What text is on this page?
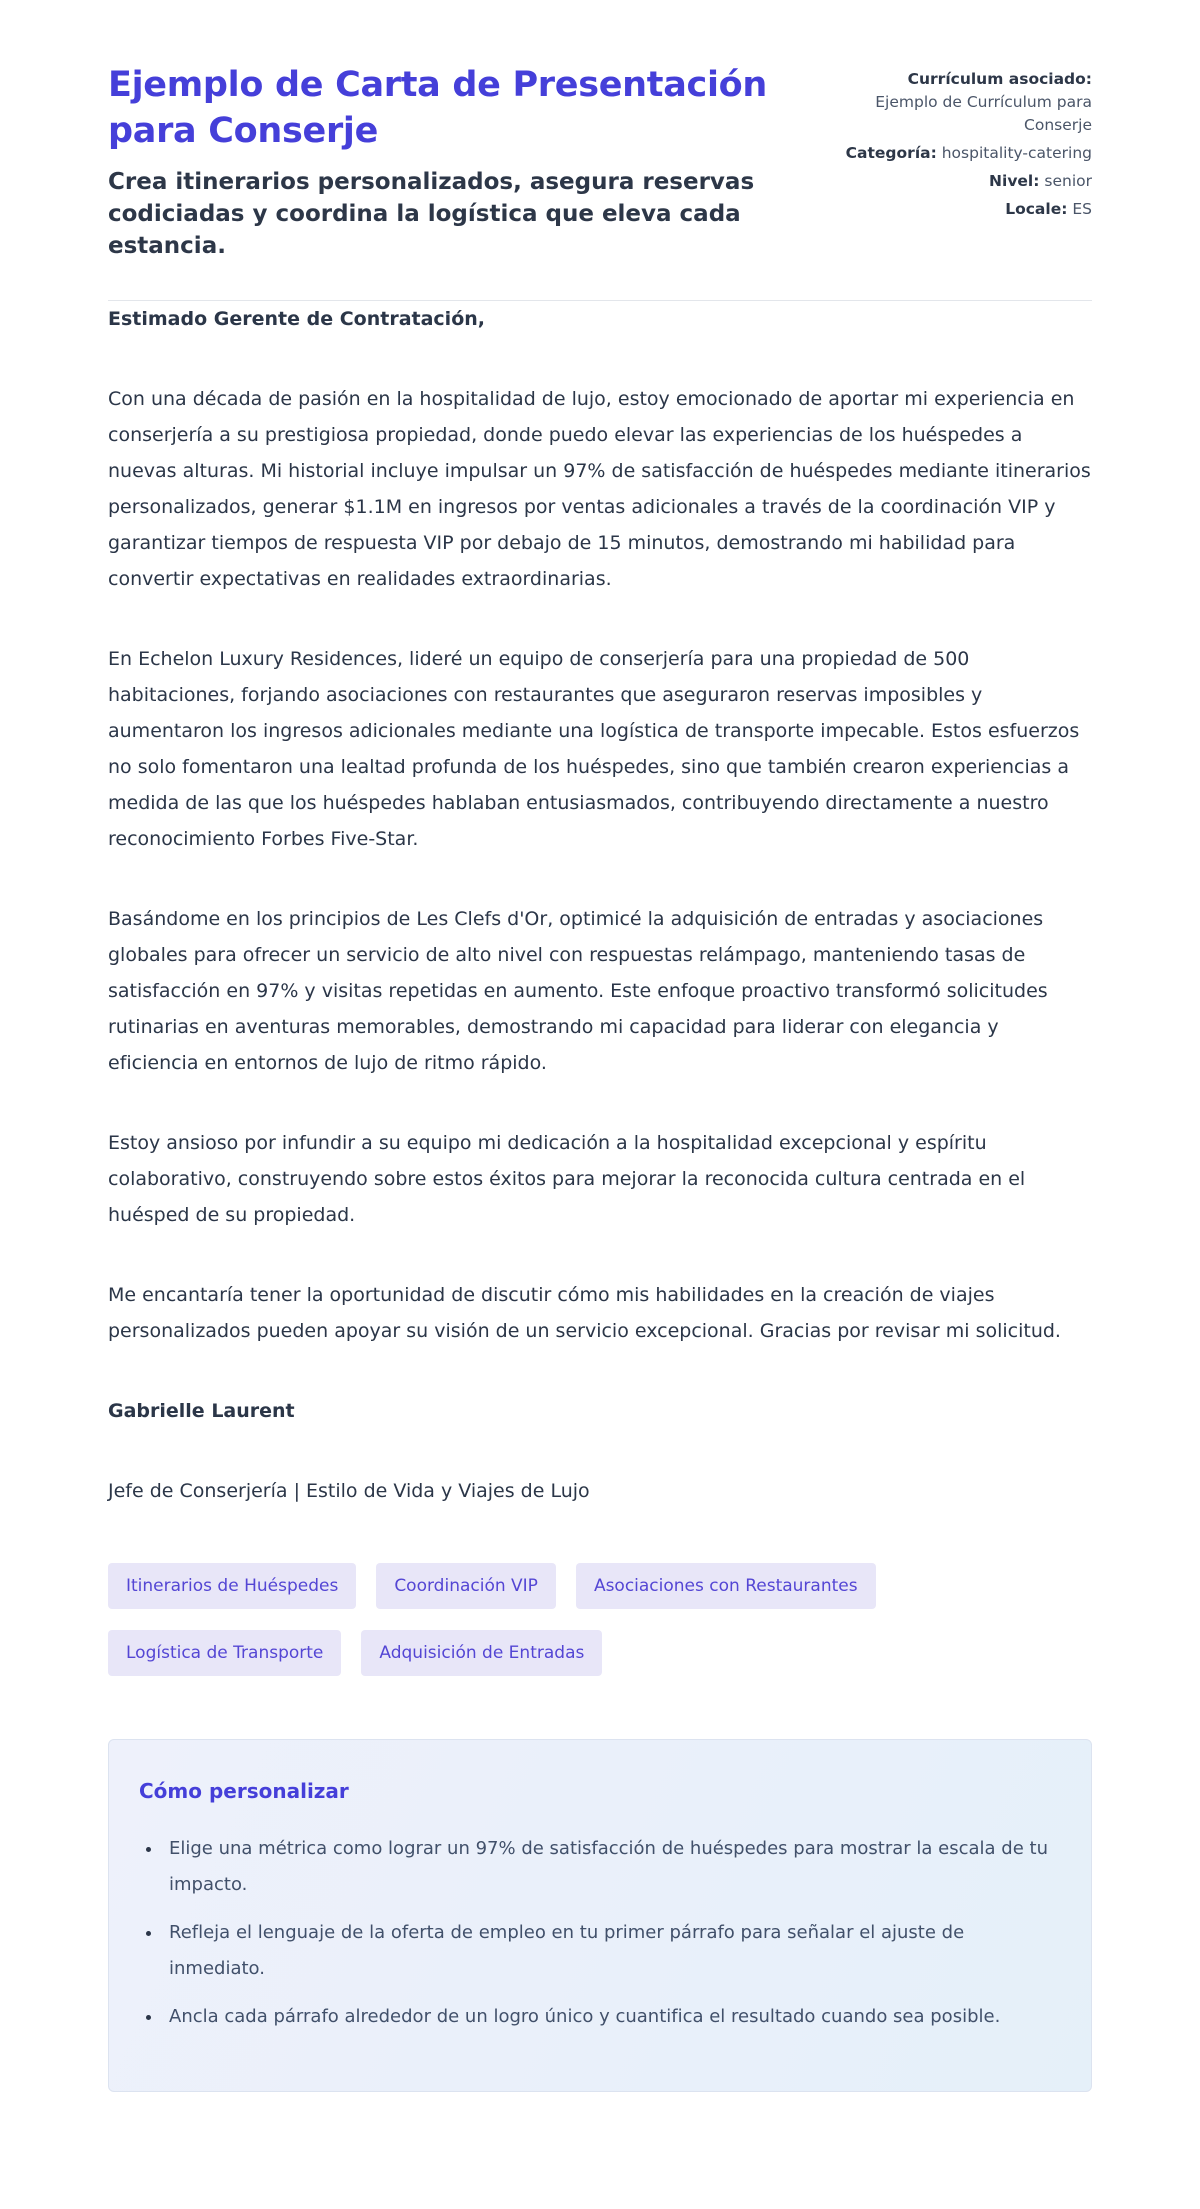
Ejemplo de Carta de Presentación para Conserje

Crea itinerarios personalizados, asegura reservas codiciadas y coordina la logística que eleva cada estancia.

Currículum asociado:
Ejemplo de Currículum para Conserje
Categoría: hospitality-catering
Nivel: senior
Locale: ES

Estimado Gerente de Contratación,

Con una década de pasión en la hospitalidad de lujo, estoy emocionado de aportar mi experiencia en conserjería a su prestigiosa propiedad, donde puedo elevar las experiencias de los huéspedes a nuevas alturas. Mi historial incluye impulsar un 97% de satisfacción de huéspedes mediante itinerarios personalizados, generar $1.1M en ingresos por ventas adicionales a través de la coordinación VIP y garantizar tiempos de respuesta VIP por debajo de 15 minutos, demostrando mi habilidad para convertir expectativas en realidades extraordinarias.

En Echelon Luxury Residences, lideré un equipo de conserjería para una propiedad de 500 habitaciones, forjando asociaciones con restaurantes que aseguraron reservas imposibles y aumentaron los ingresos adicionales mediante una logística de transporte impecable. Estos esfuerzos no solo fomentaron una lealtad profunda de los huéspedes, sino que también crearon experiencias a medida de las que los huéspedes hablaban entusiasmados, contribuyendo directamente a nuestro reconocimiento Forbes Five-Star.

Basándome en los principios de Les Clefs d'Or, optimicé la adquisición de entradas y asociaciones globales para ofrecer un servicio de alto nivel con respuestas relámpago, manteniendo tasas de satisfacción en 97% y visitas repetidas en aumento. Este enfoque proactivo transformó solicitudes rutinarias en aventuras memorables, demostrando mi capacidad para liderar con elegancia y eficiencia en entornos de lujo de ritmo rápido.

Estoy ansioso por infundir a su equipo mi dedicación a la hospitalidad excepcional y espíritu colaborativo, construyendo sobre estos éxitos para mejorar la reconocida cultura centrada en el huésped de su propiedad.

Me encantaría tener la oportunidad de discutir cómo mis habilidades en la creación de viajes personalizados pueden apoyar su visión de un servicio excepcional. Gracias por revisar mi solicitud.

Gabrielle Laurent

Jefe de Conserjería | Estilo de Vida y Viajes de Lujo

Itinerarios de Huéspedes	Coordinación VIP	Asociaciones con Restaurantes
Logística de Transporte	Adquisición de Entradas
Cómo personalizar
• Elige una métrica como lograr un 97% de satisfacción de huéspedes para mostrar la escala de tu impacto.
• Refleja el lenguaje de la oferta de empleo en tu primer párrafo para señalar el ajuste de inmediato.
• Ancla cada párrafo alrededor de un logro único y cuantifica el resultado cuando sea posible.
